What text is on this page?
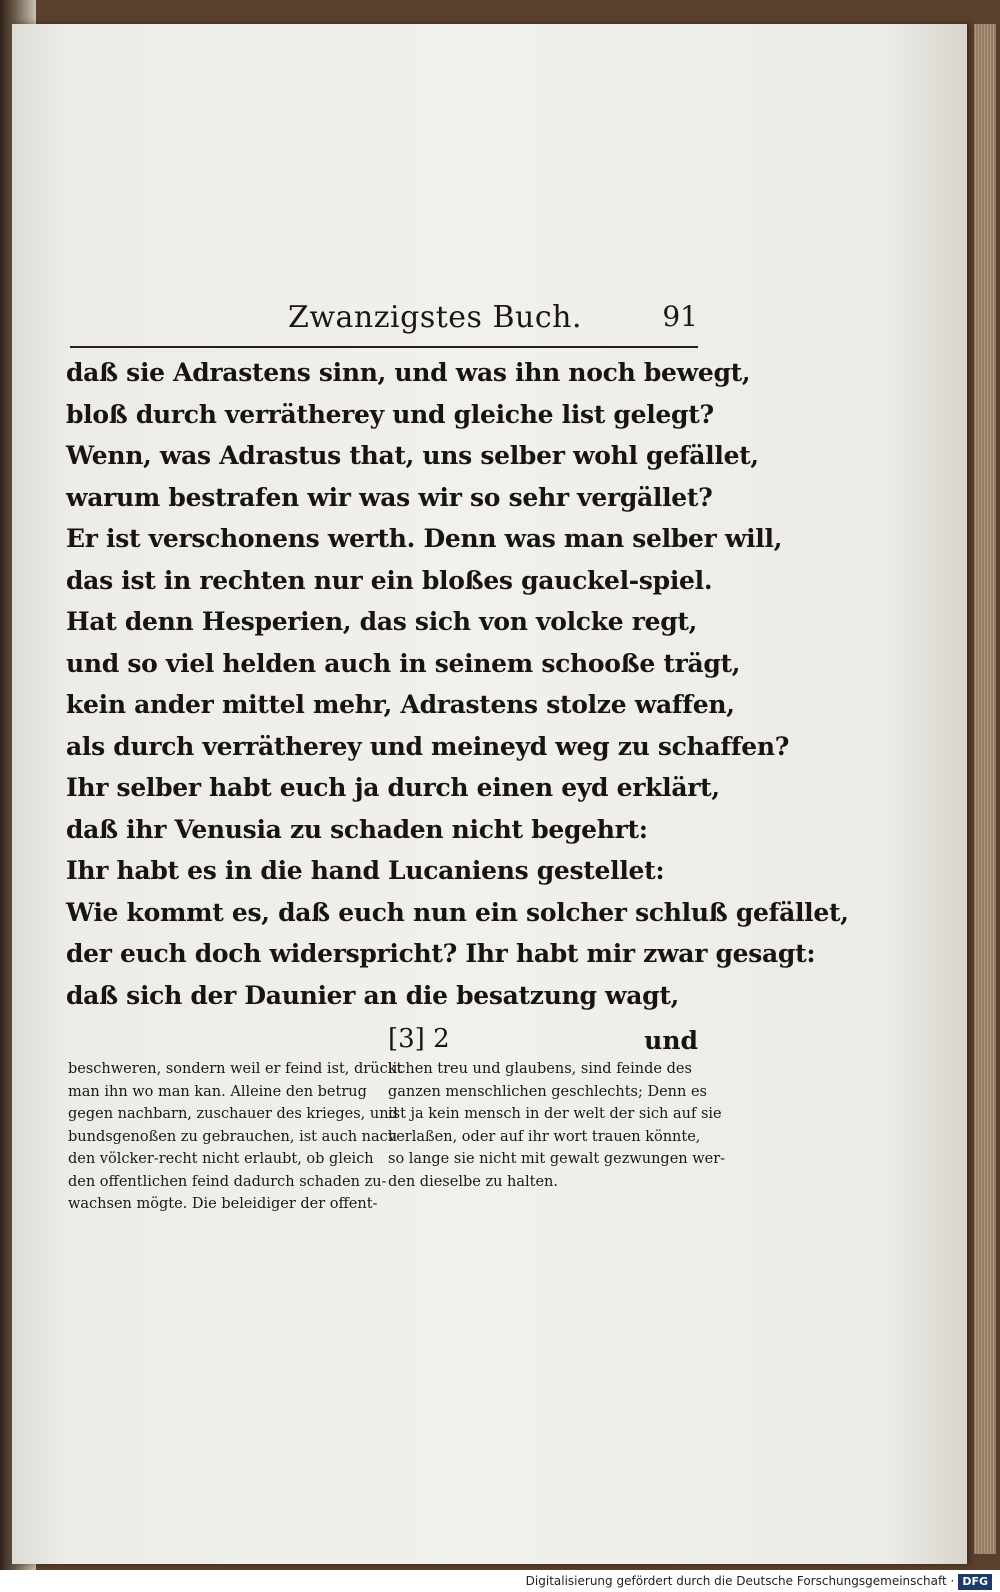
Zwanzigstes Buch.	91
daß sie Adrastens sinn, und was ihn noch bewegt,
bloß durch verrätherey und gleiche list gelegt?
Wenn, was Adrastus that, uns selber wohl gefället,
warum bestrafen wir was wir so sehr vergället?
Er ist verschonens werth. Denn was man selber will,
das ist in rechten nur ein bloßes gauckel-spiel.
Hat denn Hesperien, das sich von volcke regt,
und so viel helden auch in seinem schooße trägt,
kein ander mittel mehr, Adrastens stolze waffen,
als durch verrätherey und meineyd weg zu schaffen?
Ihr selber habt euch ja durch einen eyd erklärt,
daß ihr Venusia zu schaden nicht begehrt:
Ihr habt es in die hand Lucaniens gestellet:
Wie kommt es, daß euch nun ein solcher schluß gefället,
der euch doch widerspricht? Ihr habt mir zwar gesagt:
daß sich der Daunier an die besatzung wagt,
[3] 2	und
beschweren, sondern weil er feind ist, drückt
man ihn wo man kan. Alleine den betrug
gegen nachbarn, zuschauer des krieges, und
bundsgenoßen zu gebrauchen, ist auch nach
den völcker-recht nicht erlaubt, ob gleich
den offentlichen feind dadurch schaden zu-
wachsen mögte. Die beleidiger der offent-
lichen treu und glaubens, sind feinde des
ganzen menschlichen geschlechts; Denn es
ist ja kein mensch in der welt der sich auf sie
verlaßen, oder auf ihr wort trauen könnte,
so lange sie nicht mit gewalt gezwungen wer-
den dieselbe zu halten.
Digitalisierung gefördert durch die Deutsche Forschungsgemeinschaft · DFG
